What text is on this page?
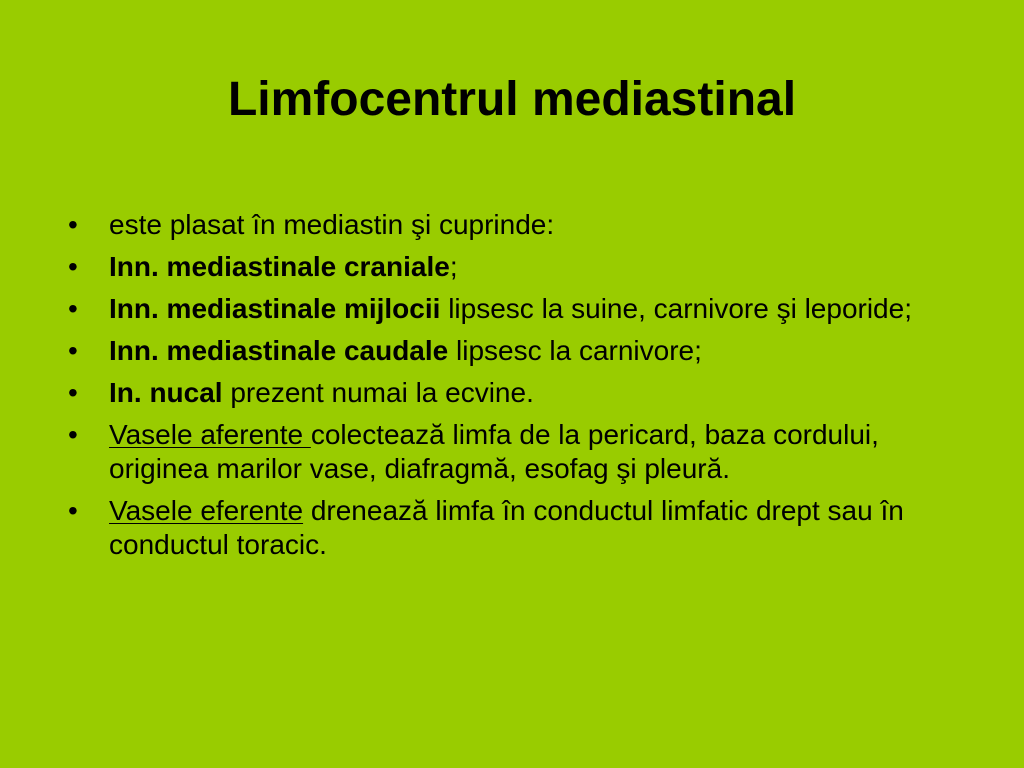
Limfocentrul mediastinal
•	este plasat în mediastin şi cuprinde:
•	Inn. mediastinale craniale;
•	Inn. mediastinale mijlocii lipsesc la suine, carnivore şi leporide;
•	Inn. mediastinale caudale lipsesc la carnivore;
•	In. nucal prezent numai la ecvine.
•	Vasele aferente colectează limfa de la pericard, baza cordului, originea marilor vase, diafragmă, esofag şi pleură.
•	Vasele eferente drenează limfa în conductul limfatic drept sau în conductul toracic.
